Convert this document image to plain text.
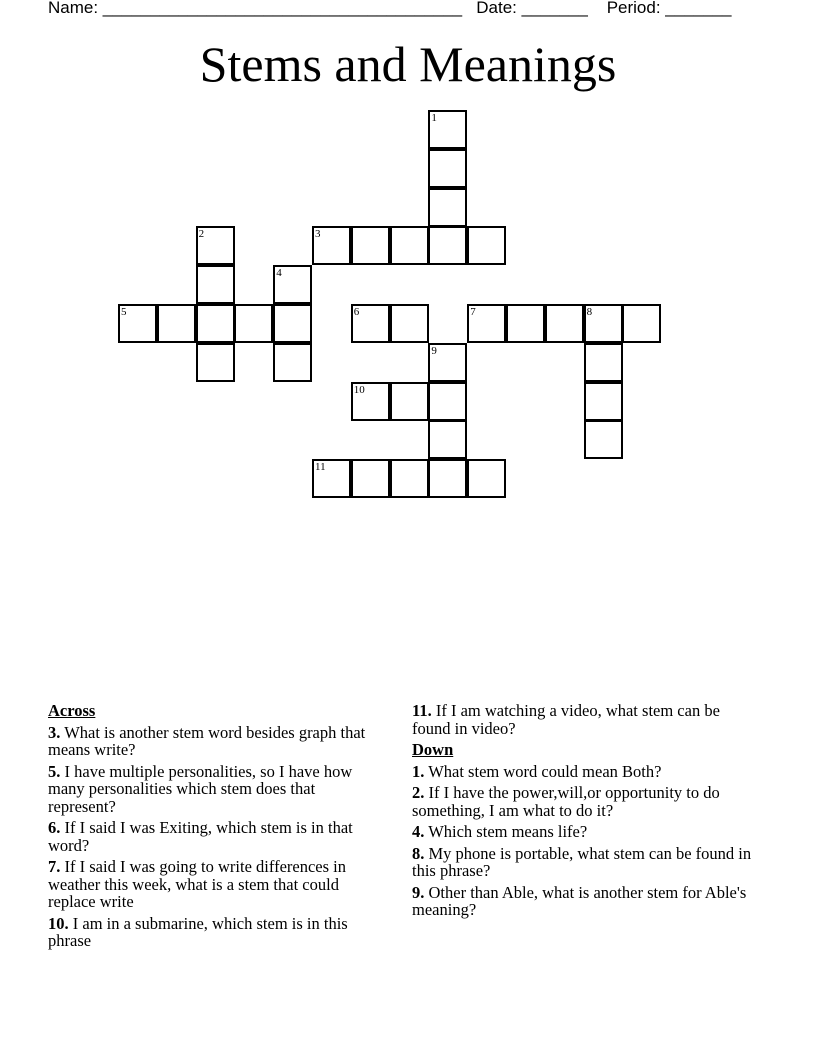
Name: ______________________________________ Date: _______ Period: _______
Stems and Meanings
1
3
2
4
5	6	7	8
9
10
11
Across
3. What is another stem word besides graph that means write?
5. I have multiple personalities, so I have how many personalities which stem does that represent?
6. If I said I was Exiting, which stem is in that word?
7. If I said I was going to write differences in weather this week, what is a stem that could replace write
10. I am in a submarine, which stem is in this phrase
11. If I am watching a video, what stem can be found in video?
Down
1. What stem word could mean Both?
2. If I have the power,will,or opportunity to do something, I am what to do it?
4. Which stem means life?
8. My phone is portable, what stem can be found in this phrase?
9. Other than Able, what is another stem for Able's meaning?
